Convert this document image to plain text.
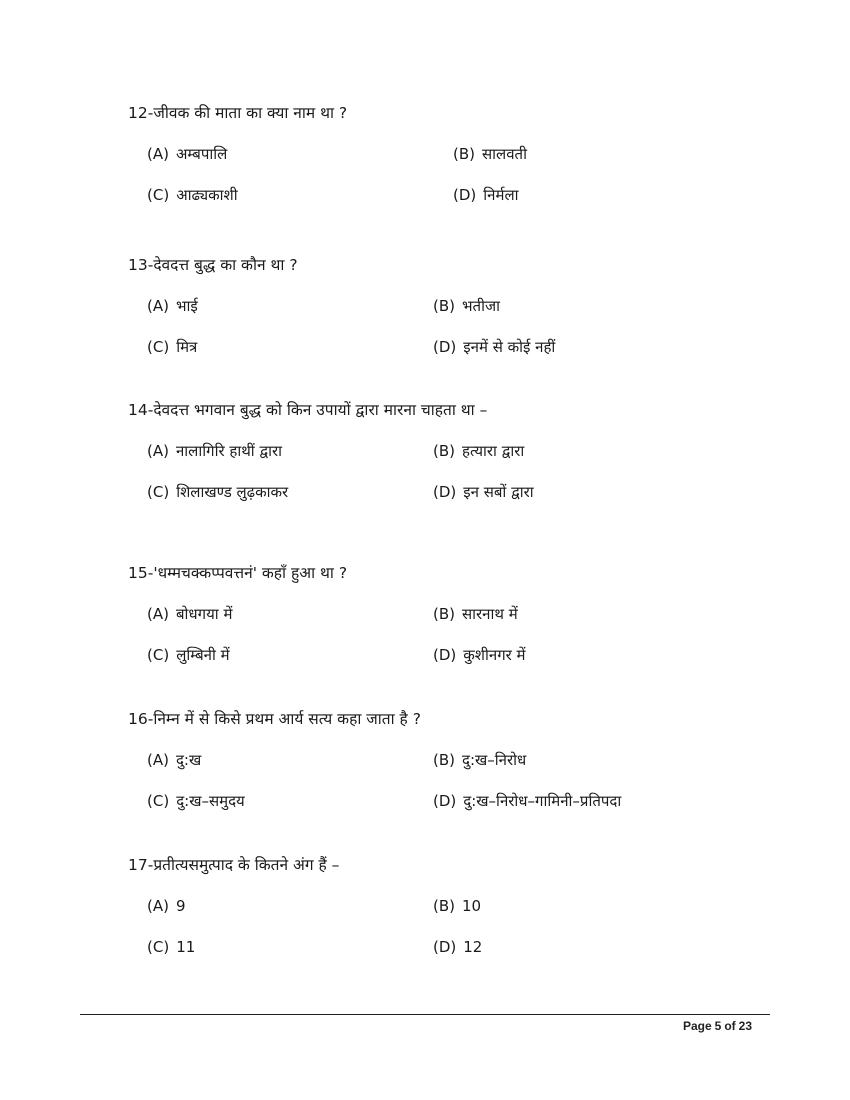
12-जीवक की माता का क्या नाम था ?
(A) अम्बपालि	(B) सालवती
(C) आढ्यकाशी	(D) निर्मला
13-देवदत्त बुद्ध का कौन था ?
(A) भाई	(B) भतीजा
(C) मित्र	(D) इनमें से कोई नहीं
14-देवदत्त भगवान बुद्ध को किन उपायों द्वारा मारना चाहता था –
(A) नालागिरि हाथीं द्वारा	(B) हत्यारा द्वारा
(C) शिलाखण्ड लुढ़काकर	(D) इन सबों द्वारा
15-'धम्मचक्कप्पवत्तनं' कहाँ हुआ था ?
(A) बोधगया में	(B) सारनाथ में
(C) लुम्बिनी में	(D) कुशीनगर में
16-निम्न में से किसे प्रथम आर्य सत्य कहा जाता है ?
(A) दु:ख	(B) दु:ख–निरोध
(C) दु:ख–समुदय	(D) दु:ख–निरोध–गामिनी–प्रतिपदा
17-प्रतीत्यसमुत्पाद के कितने अंग हैं –
(A) 9	(B) 10
(C) 11	(D) 12
Page 5 of 23
